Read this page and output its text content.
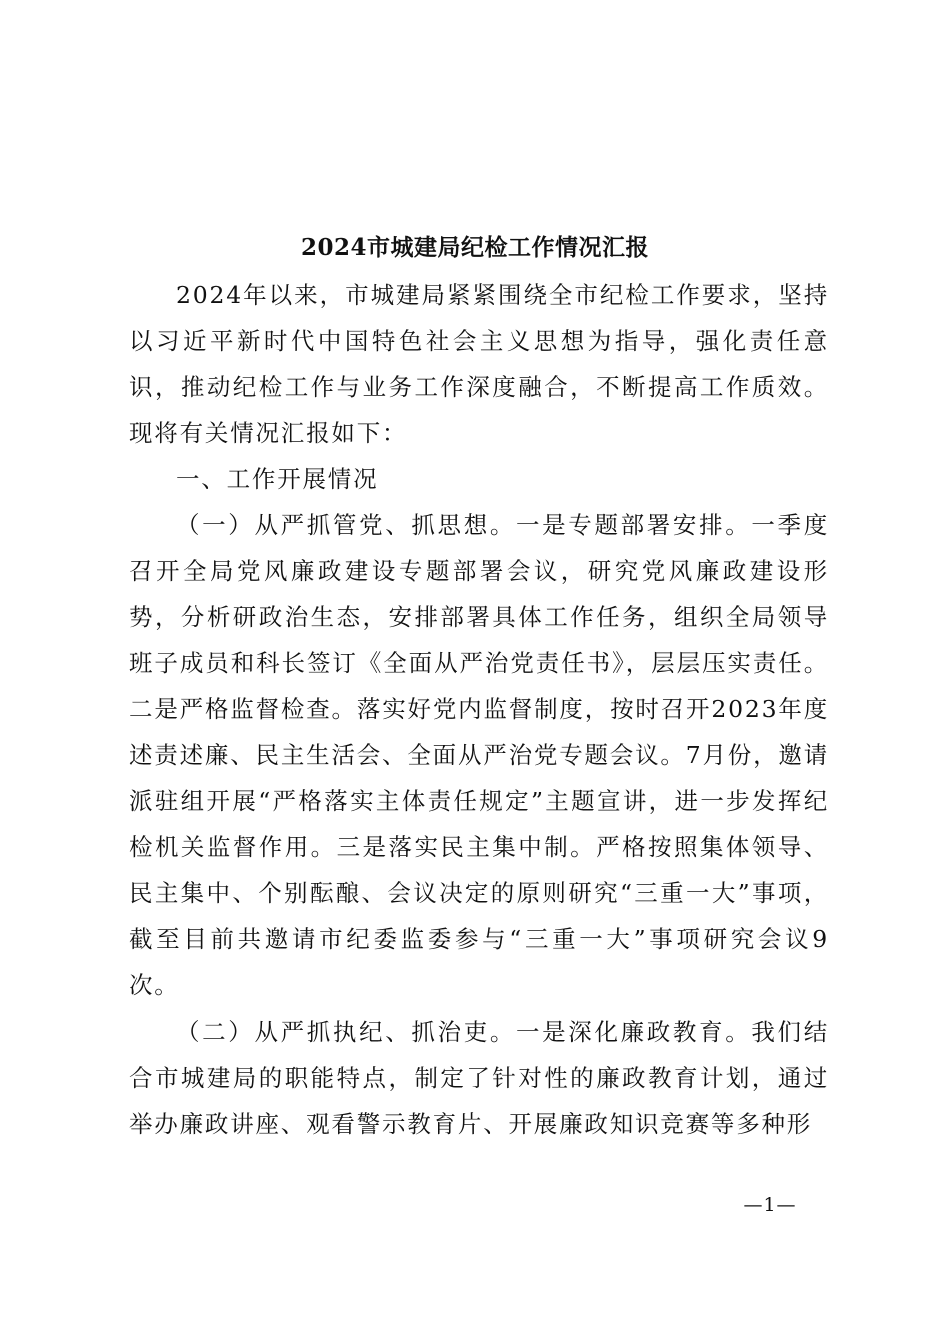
2024市城建局纪检工作情况汇报

2024年以来，市城建局紧紧围绕全市纪检工作要求，坚持以习近平新时代中国特色社会主义思想为指导，强化责任意识，推动纪检工作与业务工作深度融合，不断提高工作质效。现将有关情况汇报如下：

一、工作开展情况

（一）从严抓管党、抓思想。一是专题部署安排。一季度召开全局党风廉政建设专题部署会议，研究党风廉政建设形势，分析研政治生态，安排部署具体工作任务，组织全局领导班子成员和科长签订《全面从严治党责任书》，层层压实责任。二是严格监督检查。落实好党内监督制度，按时召开2023年度述责述廉、民主生活会、全面从严治党专题会议。7月份，邀请派驻组开展“严格落实主体责任规定”主题宣讲，进一步发挥纪检机关监督作用。三是落实民主集中制。严格按照集体领导、民主集中、个别酝酿、会议决定的原则研究“三重一大”事项，截至目前共邀请市纪委监委参与“三重一大”事项研究会议9次。

（二）从严抓执纪、抓治吏。一是深化廉政教育。我们结合市城建局的职能特点，制定了针对性的廉政教育计划，通过举办廉政讲座、观看警示教育片、开展廉政知识竞赛等多种形

—1—
